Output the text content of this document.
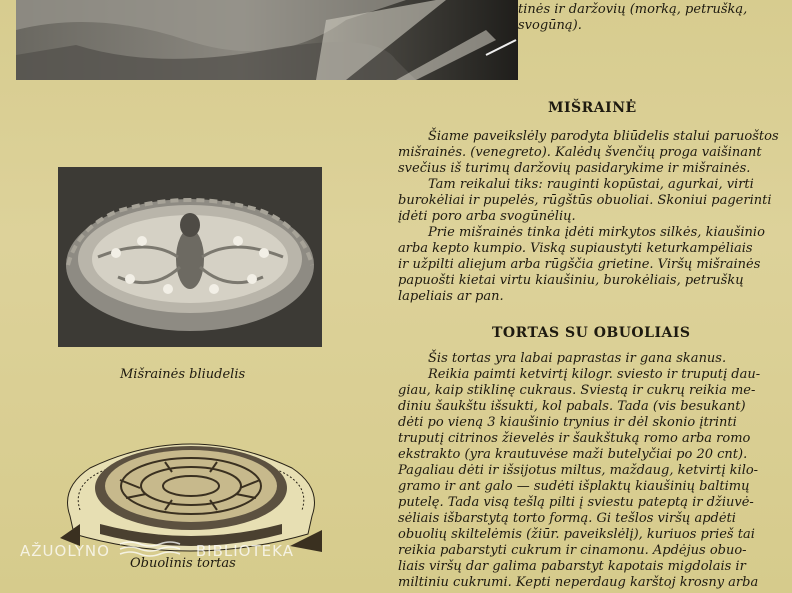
Mišrainės bliudelis
Obuolinis tortas
tinės ir daržovių (morką, petrušką,
svogūną).
MIŠRAINĖ
Šiame paveikslėly parodyta bliūdelis stalui paruoštos
mišrainės. (venegreto). Kalėdų švenčių proga vaišinant
svečius iš turimų daržovių pasidarykime ir mišrainės.
Tam reikalui tiks: rauginti kopūstai, agurkai, virti
burokėliai ir pupelės, rūgštūs obuoliai. Skoniui pagerinti
įdėti poro arba svogūnėlių.
Prie mišrainės tinka įdėti mirkytos silkės, kiaušinio
arba kepto kumpio. Viską supiaustyti keturkampėliais
ir užpilti aliejum arba rūgščia grietine. Viršų mišrainės
papuošti kietai virtu kiaušiniu, burokėliais, petruškų
lapeliais ar pan.
TORTAS SU OBUOLIAIS
Šis tortas yra labai paprastas ir gana skanus.
Reikia paimti ketvirtį kilogr. sviesto ir truputį dau-
giau, kaip stiklinę cukraus. Sviestą ir cukrų reikia me-
diniu šaukštu išsukti, kol pabals. Tada (vis besukant)
dėti po vieną 3 kiaušinio trynius ir dėl skonio įtrinti
truputį citrinos žievelės ir šaukštuką romo arba romo
ekstrakto (yra krautuvėse maži butelyčiai po 20 cnt).
Pagaliau dėti ir išsijotus miltus, maždaug, ketvirtį kilo-
gramo ir ant galo — sudėti išplaktų kiaušinių baltimų
putelę. Tada visą tešlą pilti į sviestu pateptą ir džiuvė-
sėliais išbarstytą torto formą. Gi tešlos viršų apdėti
obuolių skiltelėmis (žiūr. paveikslėlį), kuriuos prieš tai
reikia pabarstyti cukrum ir cinamonu. Apdėjus obuo-
liais viršų dar galima pabarstyt kapotais migdolais ir
miltiniu cukrumi. Kepti neperdaug karštoj krosny arba
AŽUOLYNO	BIBLIOTEKA
